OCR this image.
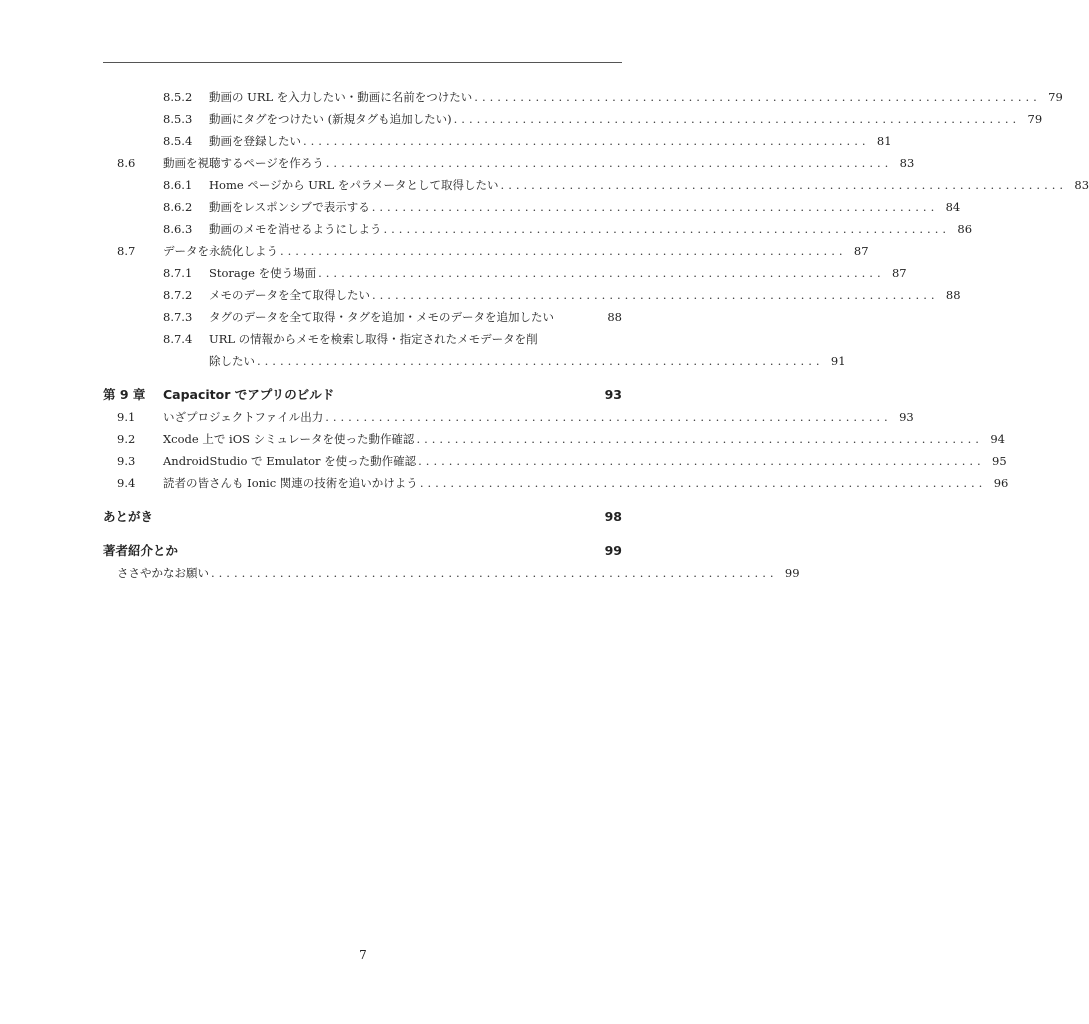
8.5.2 動画の URL を入力したい・動画に名前をつけたい .......................................................................... 79
8.5.3 動画にタグをつけたい (新規タグも追加したい) .......................................................................... 79
8.5.4 動画を登録したい .......................................................................... 81
8.6 動画を視聴するページを作ろう .......................................................................... 83
8.6.1 Home ページから URL をパラメータとして取得したい .......................................................................... 83
8.6.2 動画をレスポンシブで表示する .......................................................................... 84
8.6.3 動画のメモを消せるようにしよう .......................................................................... 86
8.7 データを永続化しよう .......................................................................... 87
8.7.1 Storage を使う場面 .......................................................................... 87
8.7.2 メモのデータを全て取得したい .......................................................................... 88
8.7.3 タグのデータを全て取得・タグを追加・メモのデータを追加したい	88
8.7.4 URL の情報からメモを検索し取得・指定されたメモデータを削
除したい .......................................................................... 91
第 9 章 Capacitor でアプリのビルド	93
9.1 いざプロジェクトファイル出力 .......................................................................... 93
9.2 Xcode 上で iOS シミュレータを使った動作確認 .......................................................................... 94
9.3 AndroidStudio で Emulator を使った動作確認 .......................................................................... 95
9.4 読者の皆さんも Ionic 関連の技術を追いかけよう .......................................................................... 96
あとがき	98
著者紹介とか	99
ささやかなお願い .......................................................................... 99
7
